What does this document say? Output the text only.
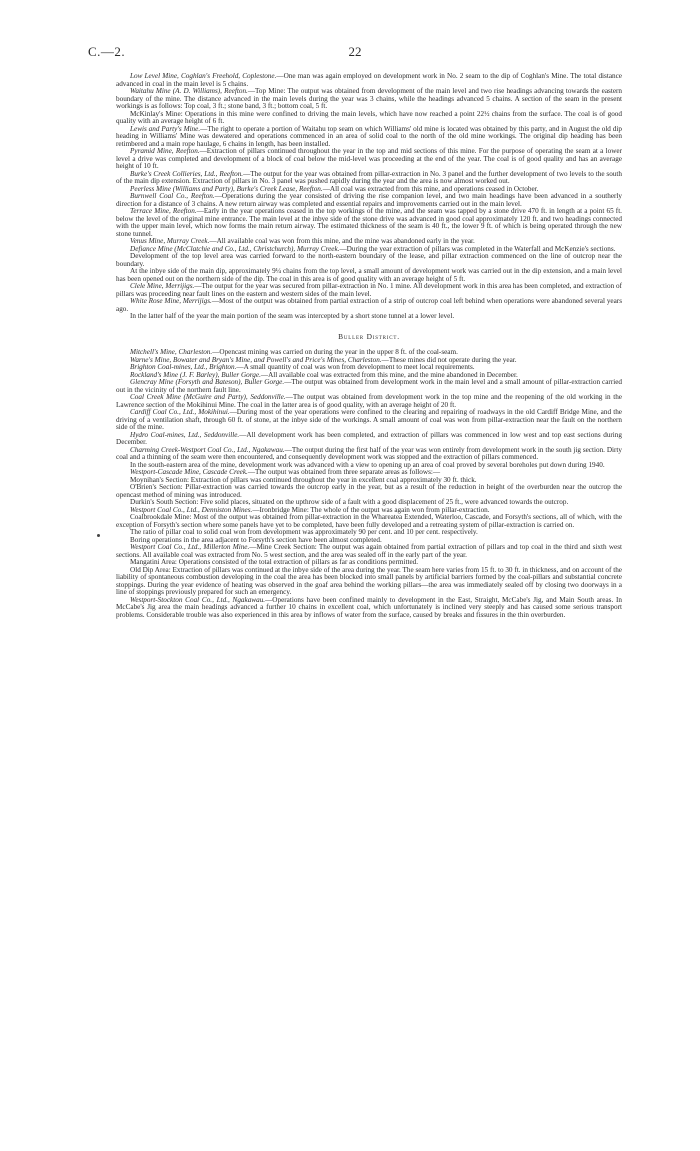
C.—2.	22

Low Level Mine, Coghlan's Freehold, Coplestone.—One man was again employed on development work in No. 2 seam to the dip of Coghlan's Mine. The total distance advanced in coal in the main level is 5 chains.

Waitahu Mine (A. D. Williams), Reefton.—Top Mine: The output was obtained from development of the main level and two rise headings advancing towards the eastern boundary of the mine. The distance advanced in the main levels during the year was 3 chains, while the headings advanced 5 chains. A section of the seam in the present workings is as follows: Top coal, 3 ft.; stone band, 3 ft.; bottom coal, 5 ft.

McKinlay's Mine: Operations in this mine were confined to driving the main levels, which have now reached a point 22½ chains from the surface. The coal is of good quality with an average height of 6 ft.

Lewis and Party's Mine.—The right to operate a portion of Waitahu top seam on which Williams' old mine is located was obtained by this party, and in August the old dip heading in Williams' Mine was dewatered and operations commenced in an area of solid coal to the north of the old mine workings. The original dip heading has been retimbered and a main rope haulage, 6 chains in length, has been installed.

Pyramid Mine, Reefton.—Extraction of pillars continued throughout the year in the top and mid sections of this mine. For the purpose of operating the seam at a lower level a drive was completed and development of a block of coal below the mid-level was proceeding at the end of the year. The coal is of good quality and has an average height of 10 ft.

Burke's Creek Collieries, Ltd., Reefton.—The output for the year was obtained from pillar-extraction in No. 3 panel and the further development of two levels to the south of the main dip extension. Extraction of pillars in No. 3 panel was pushed rapidly during the year and the area is now almost worked out.

Peerless Mine (Williams and Party), Burke's Creek Lease, Reefton.—All coal was extracted from this mine, and operations ceased in October.

Burnwell Coal Co., Reefton.—Operations during the year consisted of driving the rise companion level, and two main headings have been advanced in a southerly direction for a distance of 3 chains. A new return airway was completed and essential repairs and improvements carried out in the main level.

Terrace Mine, Reefton.—Early in the year operations ceased in the top workings of the mine, and the seam was tapped by a stone drive 470 ft. in length at a point 65 ft. below the level of the original mine entrance. The main level at the inbye side of the stone drive was advanced in good coal approximately 120 ft. and two headings connected with the upper main level, which now forms the main return airway. The estimated thickness of the seam is 40 ft., the lower 9 ft. of which is being operated through the new stone tunnel.

Venus Mine, Murray Creek.—All available coal was won from this mine, and the mine was abandoned early in the year.

Defiance Mine (McClatchie and Co., Ltd., Christchurch), Murray Creek.—During the year extraction of pillars was completed in the Waterfall and McKenzie's sections.

Development of the top level area was carried forward to the north-eastern boundary of the lease, and pillar extraction commenced on the line of outcrop near the boundary.

At the inbye side of the main dip, approximately 9¼ chains from the top level, a small amount of development work was carried out in the dip extension, and a main level has been opened out on the northern side of the dip. The coal in this area is of good quality with an average height of 5 ft.

Clele Mine, Merrijigs.—The output for the year was secured from pillar-extraction in No. 1 mine. All development work in this area has been completed, and extraction of pillars was proceeding near fault lines on the eastern and western sides of the main level.

White Rose Mine, Merrijigs.—Most of the output was obtained from partial extraction of a strip of outcrop coal left behind when operations were abandoned several years ago.

In the latter half of the year the main portion of the seam was intercepted by a short stone tunnel at a lower level.

Buller District.

Mitchell's Mine, Charleston.—Opencast mining was carried on during the year in the upper 8 ft. of the coal-seam.

Warne's Mine, Bowater and Bryan's Mine, and Powell's and Price's Mines, Charleston.—These mines did not operate during the year.

Brighton Coal-mines, Ltd., Brighton.—A small quantity of coal was won from development to meet local requirements.

Rockland's Mine (J. F. Barley), Buller Gorge.—All available coal was extracted from this mine, and the mine abandoned in December.

Glencray Mine (Forsyth and Bateson), Buller Gorge.—The output was obtained from development work in the main level and a small amount of pillar-extraction carried out in the vicinity of the northern fault line.

Coal Creek Mine (McGuire and Party), Seddonville.—The output was obtained from development work in the top mine and the reopening of the old working in the Lawrence section of the Mokihinui Mine. The coal in the latter area is of good quality, with an average height of 20 ft.

Cardiff Coal Co., Ltd., Mokihinui.—During most of the year operations were confined to the clearing and repairing of roadways in the old Cardiff Bridge Mine, and the driving of a ventilation shaft, through 60 ft. of stone, at the inbye side of the workings. A small amount of coal was won from pillar-extraction near the fault on the northern side of the mine.

Hydro Coal-mines, Ltd., Seddonville.—All development work has been completed, and extraction of pillars was commenced in low west and top east sections during December.

Charming Creek-Westport Coal Co., Ltd., Ngakawau.—The output during the first half of the year was won entirely from development work in the south jig section. Dirty coal and a thinning of the seam were then encountered, and consequently development work was stopped and the extraction of pillars commenced.

In the south-eastern area of the mine, development work was advanced with a view to opening up an area of coal proved by several boreholes put down during 1940.

Westport-Cascade Mine, Cascade Creek.—The output was obtained from three separate areas as follows:—

Moynihan's Section: Extraction of pillars was continued throughout the year in excellent coal approximately 30 ft. thick.

O'Brien's Section: Pillar-extraction was carried towards the outcrop early in the year, but as a result of the reduction in height of the overburden near the outcrop the opencast method of mining was introduced.

Durkin's South Section: Five solid places, situated on the upthrow side of a fault with a good displacement of 25 ft., were advanced towards the outcrop.

Westport Coal Co., Ltd., Denniston Mines.—Ironbridge Mine: The whole of the output was again won from pillar-extraction.

Coalbrookdale Mine: Most of the output was obtained from pillar-extraction in the Whareatea Extended, Waterloo, Cascade, and Forsyth's sections, all of which, with the exception of Forsyth's section where some panels have yet to be completed, have been fully developed and a retreating system of pillar-extraction is carried on.

The ratio of pillar coal to solid coal won from development was approximately 90 per cent. and 10 per cent. respectively.

Boring operations in the area adjacent to Forsyth's section have been almost completed.

Westport Coal Co., Ltd., Millerton Mine.—Mine Creek Section: The output was again obtained from partial extraction of pillars and top coal in the third and sixth west sections. All available coal was extracted from No. 5 west section, and the area was sealed off in the early part of the year.

Mangatini Area: Operations consisted of the total extraction of pillars as far as conditions permitted.

Old Dip Area: Extraction of pillars was continued at the inbye side of the area during the year. The seam here varies from 15 ft. to 30 ft. in thickness, and on account of the liability of spontaneous combustion developing in the coal the area has been blocked into small panels by artificial barriers formed by the coal-pillars and substantial concrete stoppings. During the year evidence of heating was observed in the goaf area behind the working pillars—the area was immediately sealed off by closing two doorways in a line of stoppings previously prepared for such an emergency.

Westport-Stockton Coal Co., Ltd., Ngakawau.—Operations have been confined mainly to development in the East, Straight, McCabe's Jig, and Main South areas. In McCabe's Jig area the main headings advanced a further 10 chains in excellent coal, which unfortunately is inclined very steeply and has caused some serious transport problems. Considerable trouble was also experienced in this area by inflows of water from the surface, caused by breaks and fissures in the thin overburden.
